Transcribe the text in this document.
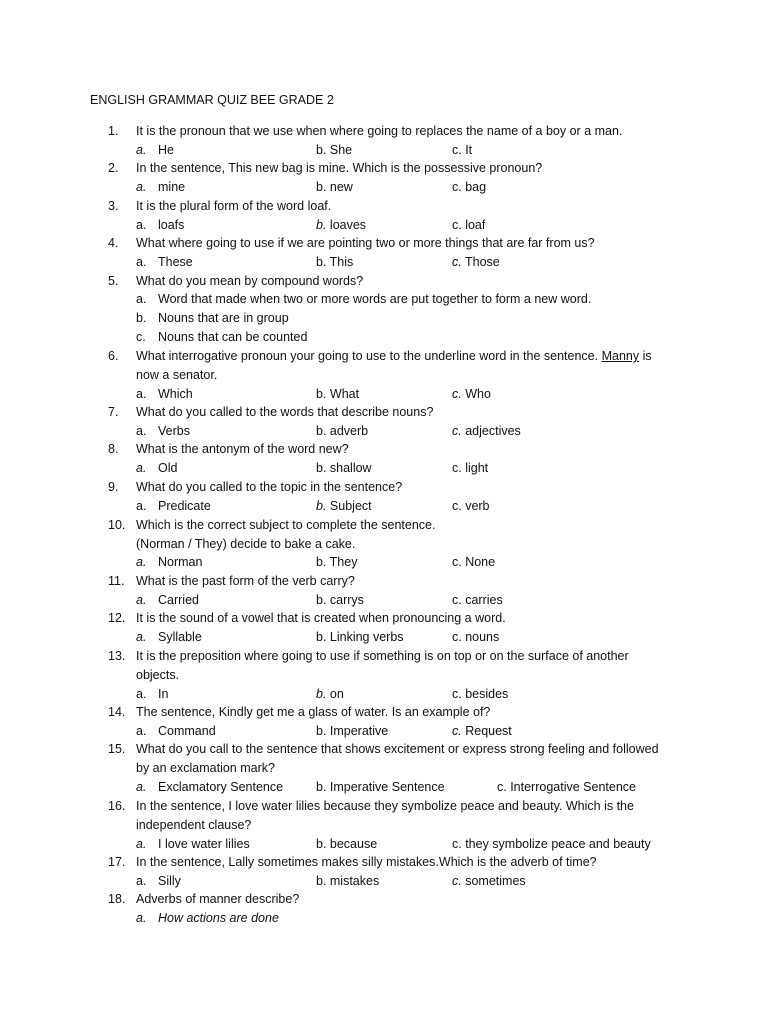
ENGLISH GRAMMAR QUIZ BEE GRADE 2
1. It is the pronoun that we use when where going to replaces the name of a boy or a man.
a. He	b. She	c. It
2. In the sentence, This new bag is mine. Which is the possessive pronoun?
a. mine	b. new	c. bag
3. It is the plural form of the word loaf.
a. loafs	b. loaves	c. loaf
4. What where going to use if we are pointing two or more things that are far from us?
a. These	b. This	c. Those
5. What do you mean by compound words?
a. Word that made when two or more words are put together to form a new word.
b. Nouns that are in group
c. Nouns that can be counted
6. What interrogative pronoun your going to use to the underline word in the sentence. Manny is
now a senator.
a. Which	b. What	c. Who
7. What do you called to the words that describe nouns?
a. Verbs	b. adverb	c. adjectives
8. What is the antonym of the word new?
a. Old	b. shallow	c. light
9. What do you called to the topic in the sentence?
a. Predicate	b. Subject	c. verb
10. Which is the correct subject to complete the sentence.
(Norman / They) decide to bake a cake.
a. Norman	b. They	c. None
11. What is the past form of the verb carry?
a. Carried	b. carrys	c. carries
12. It is the sound of a vowel that is created when pronouncing a word.
a. Syllable	b. Linking verbs	c. nouns
13. It is the preposition where going to use if something is on top or on the surface of another
objects.
a. In	b. on	c. besides
14. The sentence, Kindly get me a glass of water. Is an example of?
a. Command	b. Imperative	c. Request
15. What do you call to the sentence that shows excitement or express strong feeling and followed
by an exclamation mark?
a. Exclamatory Sentence	b. Imperative Sentence	c. Interrogative Sentence
16. In the sentence, I love water lilies because they symbolize peace and beauty. Which is the
independent clause?
a. I love water lilies	b. because	c. they symbolize peace and beauty
17. In the sentence, Lally sometimes makes silly mistakes.Which is the adverb of time?
a. Silly	b. mistakes	c. sometimes
18. Adverbs of manner describe?
a. How actions are done
